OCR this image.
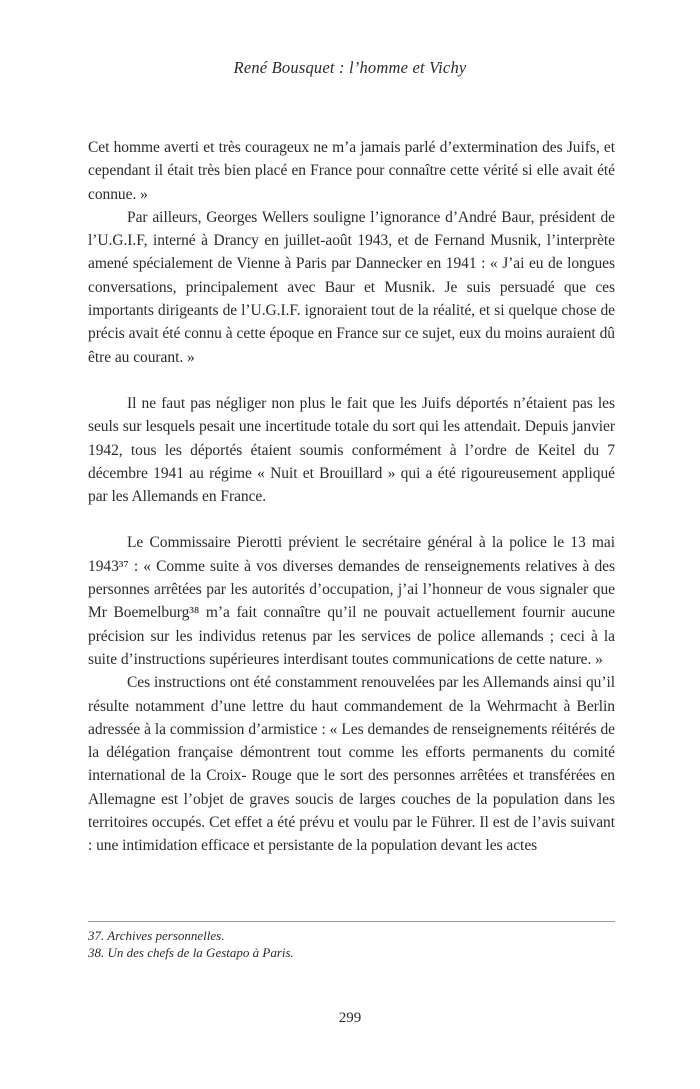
René Bousquet : l’homme et Vichy

Cet homme averti et très courageux ne m’a jamais parlé d’extermination des Juifs, et cependant il était très bien placé en France pour connaître cette vérité si elle avait été connue. »

Par ailleurs, Georges Wellers souligne l’ignorance d’André Baur, président de l’U.G.I.F, interné à Drancy en juillet-août 1943, et de Fernand Musnik, l’interprète amené spécialement de Vienne à Paris par Dannecker en 1941 : « J’ai eu de longues conversations, principalement avec Baur et Musnik. Je suis persuadé que ces importants dirigeants de l’U.G.I.F. ignoraient tout de la réalité, et si quelque chose de précis avait été connu à cette époque en France sur ce sujet, eux du moins auraient dû être au courant. »

Il ne faut pas négliger non plus le fait que les Juifs déportés n’étaient pas les seuls sur lesquels pesait une incertitude totale du sort qui les attendait. Depuis janvier 1942, tous les déportés étaient soumis conformément à l’ordre de Keitel du 7 décembre 1941 au régime « Nuit et Brouillard » qui a été rigoureusement appliqué par les Allemands en France.

Le Commissaire Pierotti prévient le secrétaire général à la police le 13 mai 1943³⁷ : « Comme suite à vos diverses demandes de renseignements relatives à des personnes arrêtées par les autorités d’occupation, j’ai l’honneur de vous signaler que Mr Boemelburg³⁸ m’a fait connaître qu’il ne pouvait actuellement fournir aucune précision sur les individus retenus par les services de police allemands ; ceci à la suite d’instructions supérieures interdisant toutes communications de cette nature. »

Ces instructions ont été constamment renouvelées par les Allemands ainsi qu’il résulte notamment d’une lettre du haut commandement de la Wehrmacht à Berlin adressée à la commission d’armistice : « Les demandes de renseignements réitérés de la délégation française démontrent tout comme les efforts permanents du comité international de la Croix- Rouge que le sort des personnes arrêtées et transférées en Allemagne est l’objet de graves soucis de larges couches de la population dans les territoires occupés. Cet effet a été prévu et voulu par le Führer. Il est de l’avis suivant : une intimidation efficace et persistante de la population devant les actes

37. Archives personnelles.

38. Un des chefs de la Gestapo à Paris.

299
